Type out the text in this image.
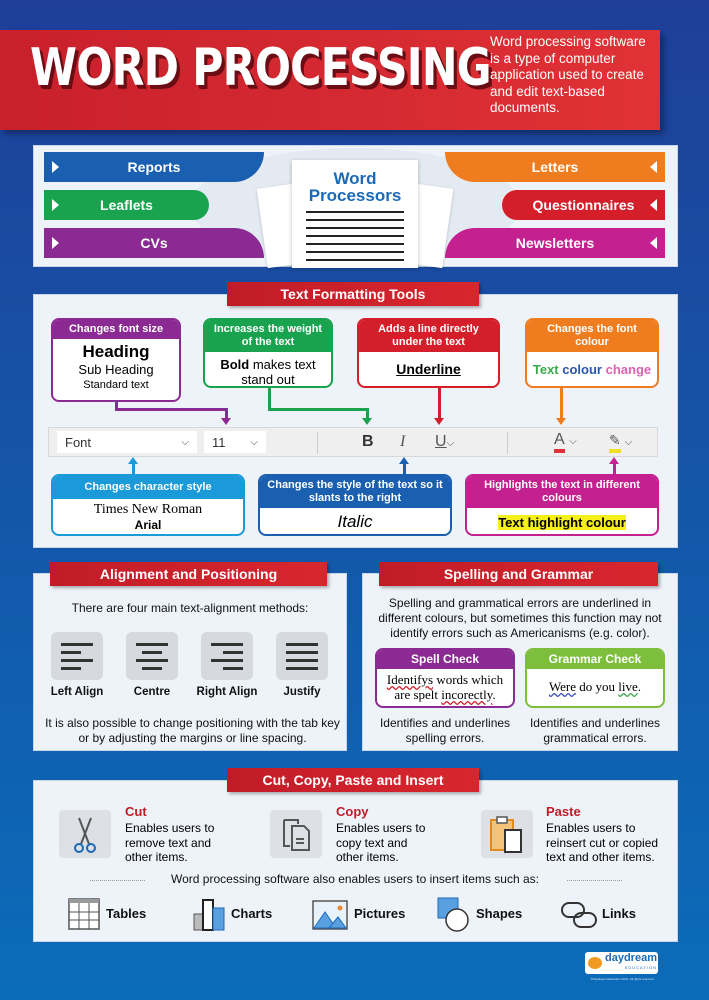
WORD PROCESSING Word processing software is a type of computer application used to create and edit text-based documents.
Reports
Leaflets
CVs
Letters
Questionnaires
Newsletters
Word
Processors
Text Formatting Tools
Changes font size
Heading
Sub Heading
Standard text
Increases the weight of the text
Bold makes text stand out
Adds a line directly under the text
Underline
Changes the font colour
Text colour change
Font	⌵ 11 ⌵	B I U⌵	A ⌵ ✎ ⌵
Changes character style
Times New Roman
Arial
Changes the style of the text so it slants to the right
Italic
Highlights the text in different colours
Text highlight colour
Alignment and Positioning
There are four main text-alignment methods:
Left Align	Centre	Right Align	Justify
It is also possible to change positioning with the tab key or by adjusting the margins or line spacing.
Spelling and Grammar
Spelling and grammatical errors are underlined in different colours, but sometimes this function may not identify errors such as Americanisms (e.g. color).
Spell Check
Identifys words which
are spelt incorectly.
Grammar Check
Were do you live.
Identifies and underlines spelling errors.
Identifies and underlines grammatical errors.
Cut, Copy, Paste and Insert
Cut
Enables users to remove text and other items.
Copy
Enables users to copy text and other items.
Paste
Enables users to reinsert cut or copied text and other items.
Word processing software also enables users to insert items such as:
Tables	Charts	Pictures	Shapes	Links
daydream
EDUCATION
©Daydream Education 2021. All rights reserved.
